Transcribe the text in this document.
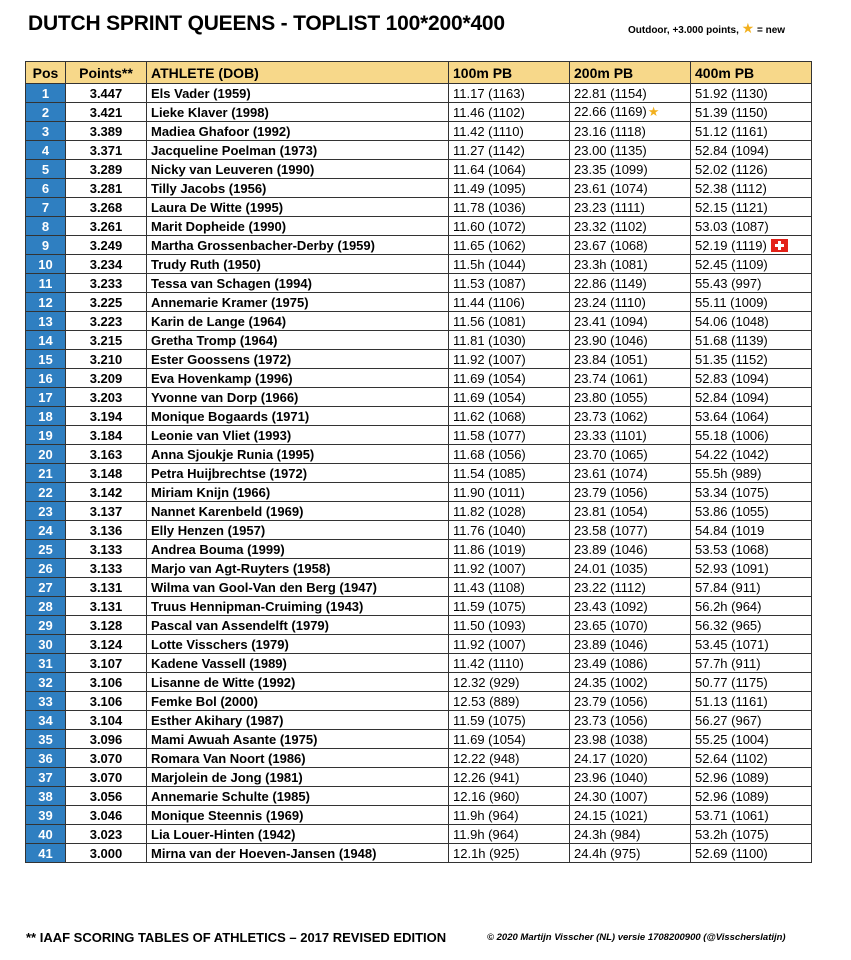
DUTCH SPRINT QUEENS - TOPLIST 100*200*400	Outdoor, +3.000 points, ★ = new
Pos	Points**	ATHLETE (DOB)	100m PB	200m PB	400m PB
1	3.447	Els Vader (1959)	11.17 (1163)	22.81 (1154)	51.92 (1130)
2	3.421	Lieke Klaver (1998)	11.46 (1102)	22.66 (1169)★	51.39 (1150)
3	3.389	Madiea Ghafoor (1992)	11.42 (1110)	23.16 (1118)	51.12 (1161)
4	3.371	Jacqueline Poelman (1973)	11.27 (1142)	23.00 (1135)	52.84 (1094)
5	3.289	Nicky van Leuveren (1990)	11.64 (1064)	23.35 (1099)	52.02 (1126)
6	3.281	Tilly Jacobs (1956)	11.49 (1095)	23.61 (1074)	52.38 (1112)
7	3.268	Laura De Witte (1995)	11.78 (1036)	23.23 (1111)	52.15 (1121)
8	3.261	Marit Dopheide (1990)	11.60 (1072)	23.32 (1102)	53.03 (1087)
9	3.249	Martha Grossenbacher-Derby (1959)	11.65 (1062)	23.67 (1068)	52.19 (1119)
10	3.234	Trudy Ruth (1950)	11.5h (1044)	23.3h (1081)	52.45 (1109)
11	3.233	Tessa van Schagen (1994)	11.53 (1087)	22.86 (1149)	55.43 (997)
12	3.225	Annemarie Kramer (1975)	11.44 (1106)	23.24 (1110)	55.11 (1009)
13	3.223	Karin de Lange (1964)	11.56 (1081)	23.41 (1094)	54.06 (1048)
14	3.215	Gretha Tromp (1964)	11.81 (1030)	23.90 (1046)	51.68 (1139)
15	3.210	Ester Goossens (1972)	11.92 (1007)	23.84 (1051)	51.35 (1152)
16	3.209	Eva Hovenkamp (1996)	11.69 (1054)	23.74 (1061)	52.83 (1094)
17	3.203	Yvonne van Dorp (1966)	11.69 (1054)	23.80 (1055)	52.84 (1094)
18	3.194	Monique Bogaards (1971)	11.62 (1068)	23.73 (1062)	53.64 (1064)
19	3.184	Leonie van Vliet (1993)	11.58 (1077)	23.33 (1101)	55.18 (1006)
20	3.163	Anna Sjoukje Runia (1995)	11.68 (1056)	23.70 (1065)	54.22 (1042)
21	3.148	Petra Huijbrechtse (1972)	11.54 (1085)	23.61 (1074)	55.5h (989)
22	3.142	Miriam Knijn (1966)	11.90 (1011)	23.79 (1056)	53.34 (1075)
23	3.137	Nannet Karenbeld (1969)	11.82 (1028)	23.81 (1054)	53.86 (1055)
24	3.136	Elly Henzen (1957)	11.76 (1040)	23.58 (1077)	54.84 (1019
25	3.133	Andrea Bouma (1999)	11.86 (1019)	23.89 (1046)	53.53 (1068)
26	3.133	Marjo van Agt-Ruyters (1958)	11.92 (1007)	24.01 (1035)	52.93 (1091)
27	3.131	Wilma van Gool-Van den Berg (1947)	11.43 (1108)	23.22 (1112)	57.84 (911)
28	3.131	Truus Hennipman-Cruiming (1943)	11.59 (1075)	23.43 (1092)	56.2h (964)
29	3.128	Pascal van Assendelft (1979)	11.50 (1093)	23.65 (1070)	56.32 (965)
30	3.124	Lotte Visschers (1979)	11.92 (1007)	23.89 (1046)	53.45 (1071)
31	3.107	Kadene Vassell (1989)	11.42 (1110)	23.49 (1086)	57.7h (911)
32	3.106	Lisanne de Witte (1992)	12.32 (929)	24.35 (1002)	50.77 (1175)
33	3.106	Femke Bol (2000)	12.53 (889)	23.79 (1056)	51.13 (1161)
34	3.104	Esther Akihary (1987)	11.59 (1075)	23.73 (1056)	56.27 (967)
35	3.096	Mami Awuah Asante (1975)	11.69 (1054)	23.98 (1038)	55.25 (1004)
36	3.070	Romara Van Noort (1986)	12.22 (948)	24.17 (1020)	52.64 (1102)
37	3.070	Marjolein de Jong (1981)	12.26 (941)	23.96 (1040)	52.96 (1089)
38	3.056	Annemarie Schulte (1985)	12.16 (960)	24.30 (1007)	52.96 (1089)
39	3.046	Monique Steennis (1969)	11.9h (964)	24.15 (1021)	53.71 (1061)
40	3.023	Lia Louer-Hinten (1942)	11.9h (964)	24.3h (984)	53.2h (1075)
41	3.000	Mirna van der Hoeven-Jansen (1948)	12.1h (925)	24.4h (975)	52.69 (1100)
** IAAF SCORING TABLES OF ATHLETICS – 2017 REVISED EDITION	© 2020 Martijn Visscher (NL) versie 1708200900 (@Visscherslatijn)
